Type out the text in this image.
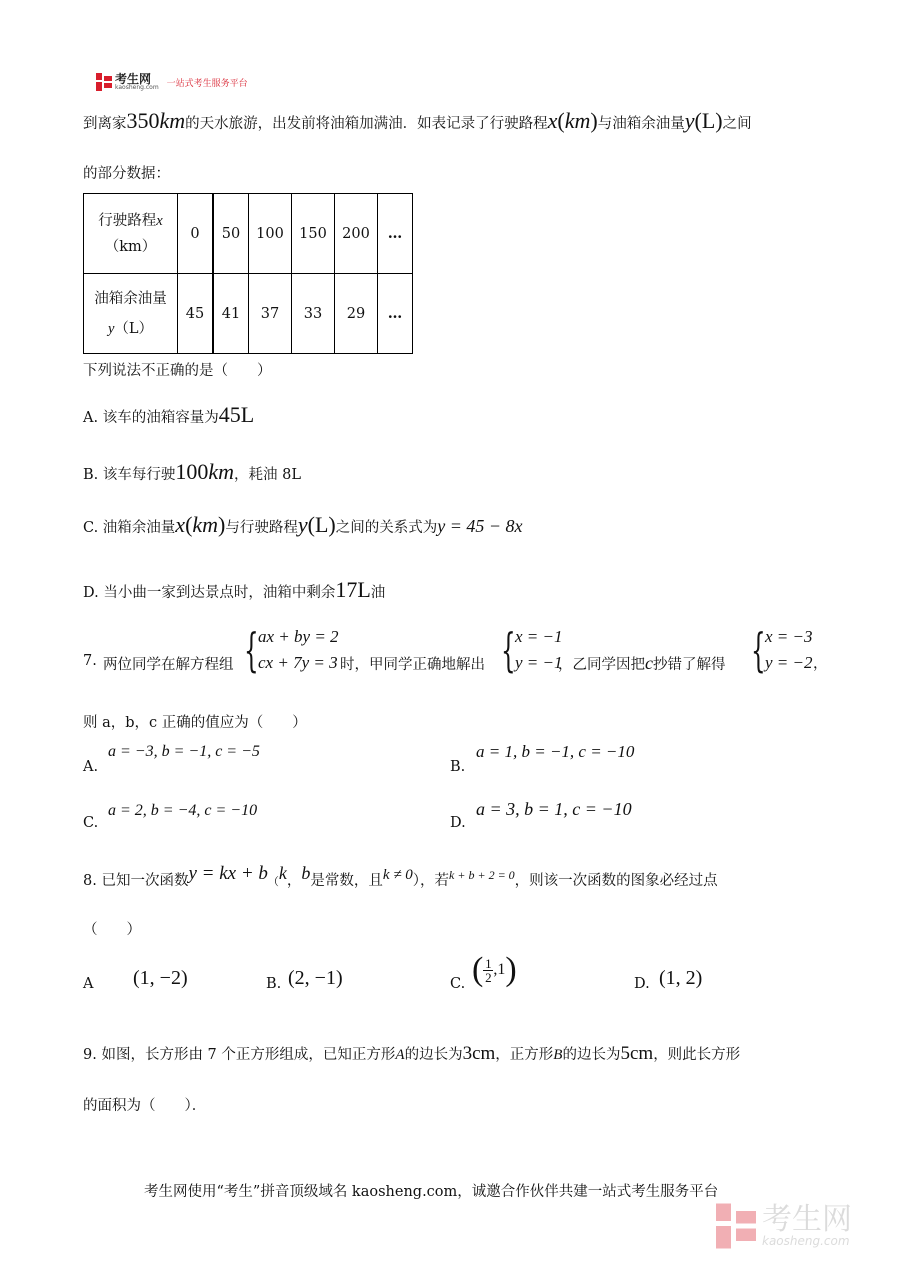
考生网
kaosheng.com 一站式考生服务平台
到离家350km的天水旅游，出发前将油箱加满油．如表记录了行驶路程x(km)与油箱余油量y(L)之间
的部分数据：
行驶路程x
（km）	0	50	100	150	200	…
油箱余油量
y（L）	45	41	37	33	29	…
下列说法不正确的是（　　）
A. 该车的油箱容量为45L
B. 该车每行驶100km，耗油 8L
C. 油箱余油量x(km)与行驶路程y(L)之间的关系式为y = 45 − 8x
D. 当小曲一家到达景点时，油箱中剩余17L油
7. 两位同学在解方程组 { ax + by = 2
cx + 7y = 3 时，甲同学正确地解出 { x = −1
y = −1
，乙同学因把c抄错了解得 { x = −3
y = −2 ，
则 a，b，c 正确的值应为（　　）
A.
a = −3, b = −1, c = −5
B.
a = 1, b = −1, c = −10
C.
a = 2, b = −4, c = −10
D.
a = 3, b = 1, c = −10
8. 已知一次函数y = kx + b（k，b是常数，且k ≠ 0），若$^{k + b + 2 = 0}$，则该一次函数的图象必经过点
（　　）
A (1, −2)	B. (2, −1)	C. ( $\frac{1}{2} ,1$ )	D. (1, 2)
9. 如图，长方形由 7 个正方形组成，已知正方形A的边长为3cm，正方形B的边长为5cm，则此长方形
的面积为（　　）．
考生网使用“考生”拼音顶级域名 kaosheng.com，诚邀合作伙伴共建一站式考生服务平台
考生网
kaosheng.com
